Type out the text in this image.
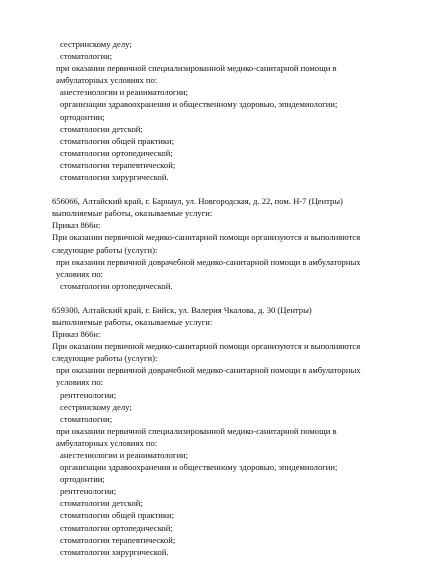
сестринскому делу;
стоматологии;
при оказании первичной специализированной медико-санитарной помощи в амбулаторных условиях по:
анестезиологии и реаниматологии;
организации здравоохранения и общественному здоровью, эпидемиологии;
ортодонтии;
стоматологии детской;
стоматологии общей практики;
стоматологии ортопедической;
стоматологии терапевтической;
стоматологии хирургической.
656066, Алтайский край, г. Барнаул, ул. Новгородская, д. 22, пом. Н-7 (Центры)
выполняемые работы, оказываемые услуги:
Приказ 866н:
При оказании первичной медико-санитарной помощи организуются и выполняются следующие работы (услуги):
при оказании первичной доврачебной медико-санитарной помощи в амбулаторных условиях по:
стоматологии ортопедической.
659300, Алтайский край, г. Бийск, ул. Валерия Чкалова, д. 30 (Центры)
выполняемые работы, оказываемые услуги:
Приказ 866н:
При оказании первичной медико-санитарной помощи организуются и выполняются следующие работы (услуги):
при оказании первичной доврачебной медико-санитарной помощи в амбулаторных условиях по:
рентгенологии;
сестринскому делу;
стоматологии;
при оказании первичной специализированной медико-санитарной помощи в амбулаторных условиях по:
анестезиологии и реаниматологии;
организации здравоохранения и общественному здоровью, эпидемиологии;
ортодонтии;
рентгенологии;
стоматологии детской;
стоматологии общей практики;
стоматологии ортопедической;
стоматологии терапевтической;
стоматологии хирургической.
